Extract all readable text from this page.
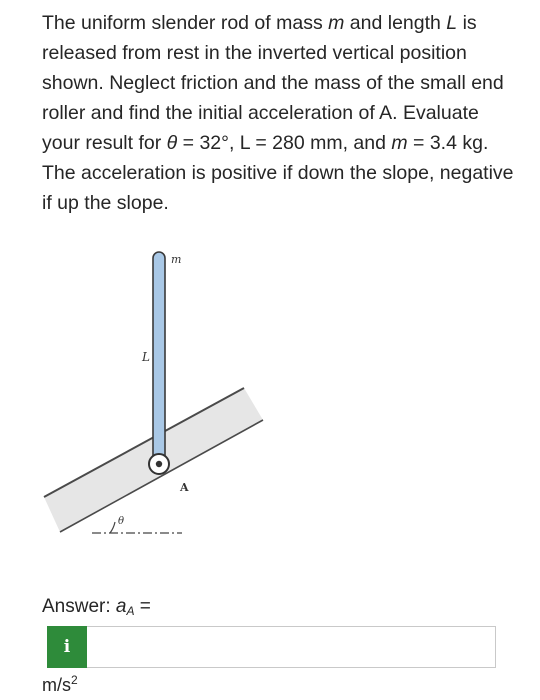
The uniform slender rod of mass m and length L is released from rest in the inverted vertical position shown. Neglect friction and the mass of the small end roller and find the initial acceleration of A. Evaluate your result for θ = 32°, L = 280 mm, and m = 3.4 kg. The acceleration is positive if down the slope, negative if up the slope.
m
L
A
θ
Answer: $a_A$ =
i
$m/s^2$
